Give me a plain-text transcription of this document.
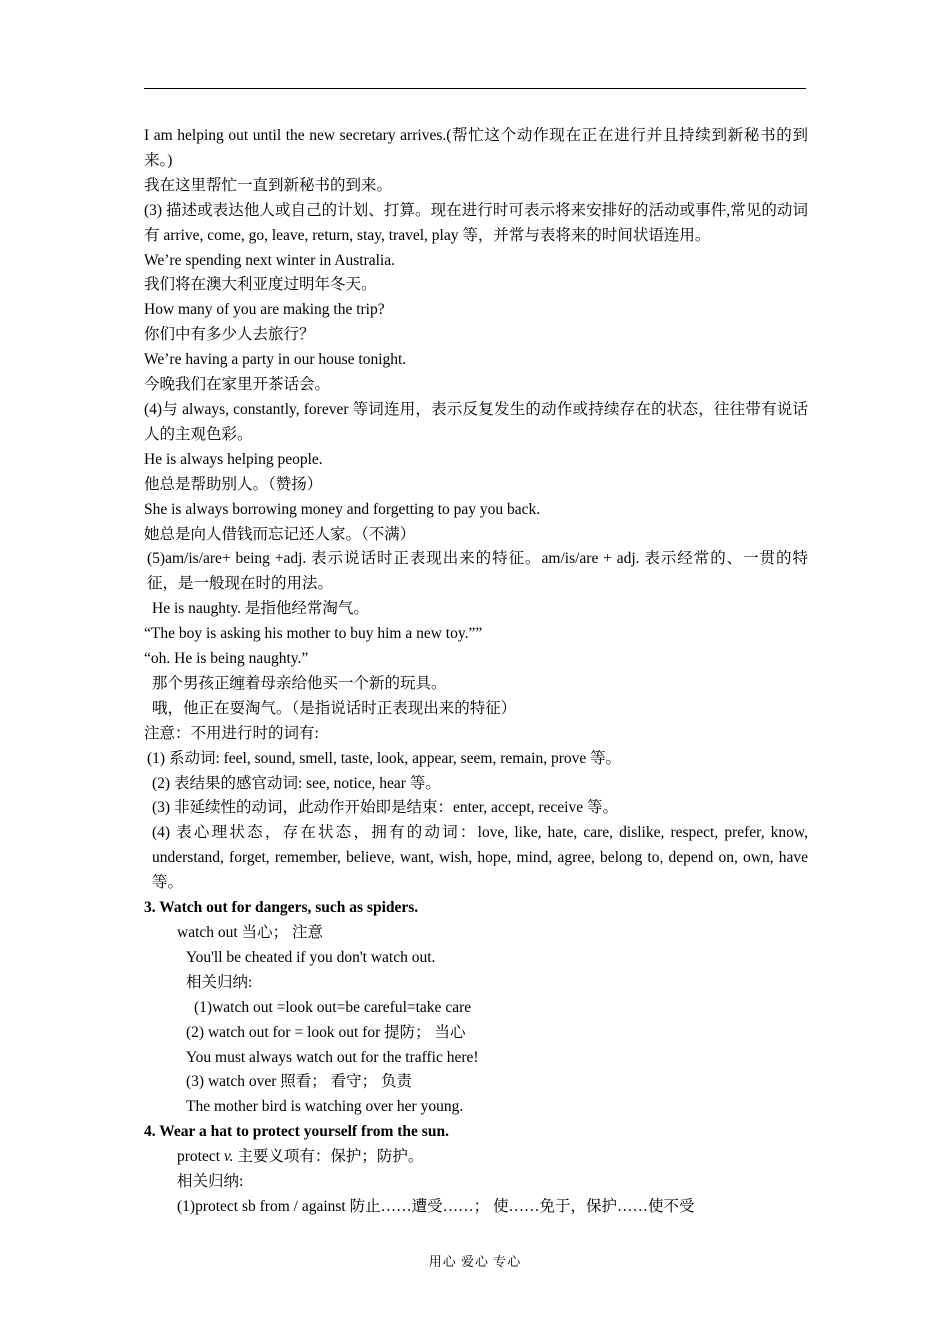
I am helping out until the new secretary arrives.(帮忙这个动作现在正在进行并且持续到新秘书的到来。)
我在这里帮忙一直到新秘书的到来。
(3) 描述或表达他人或自己的计划、打算。现在进行时可表示将来安排好的活动或事件,常见的动词有 arrive, come, go, leave, return, stay, travel, play 等，并常与表将来的时间状语连用。
We’re spending next winter in Australia.
我们将在澳大利亚度过明年冬天。
How many of you are making the trip?
你们中有多少人去旅行？
We’re having a party in our house tonight.
今晚我们在家里开茶话会。
(4)与 always, constantly, forever 等词连用，表示反复发生的动作或持续存在的状态，往往带有说话人的主观色彩。
He is always helping people.
他总是帮助别人。（赞扬）
She is always borrowing money and forgetting to pay you back.
她总是向人借钱而忘记还人家。（不满）
(5)am/is/are+ being +adj. 表示说话时正表现出来的特征。am/is/are + adj. 表示经常的、一贯的特征，是一般现在时的用法。
He is naughty. 是指他经常淘气。
“The boy is asking his mother to buy him a new toy.””
“oh. He is being naughty.”
那个男孩正缠着母亲给他买一个新的玩具。
哦，他正在耍淘气。（是指说话时正表现出来的特征）
注意：不用进行时的词有:
(1) 系动词: feel, sound, smell, taste, look, appear, seem, remain, prove 等。
(2) 表结果的感官动词: see, notice, hear 等。
(3) 非延续性的动词，此动作开始即是结束：enter, accept, receive 等。
(4) 表心理状态，存在状态，拥有的动词：love, like, hate, care, dislike, respect, prefer, know, understand, forget, remember, believe, want, wish, hope, mind, agree, belong to, depend on, own, have 等。
3. Watch out for dangers, such as spiders.
watch out 当心； 注意
You'll be cheated if you don't watch out.
相关归纳:
(1)watch out =look out=be careful=take care
(2) watch out for = look out for 提防； 当心
You must always watch out for the traffic here!
(3) watch over 照看； 看守； 负责
The mother bird is watching over her young.
4. Wear a hat to protect yourself from the sun.
protect v. 主要义项有：保护；防护。
相关归纳:
(1)protect sb from / against 防止……遭受……； 使……免于，保护……使不受
用心 爱心 专心
